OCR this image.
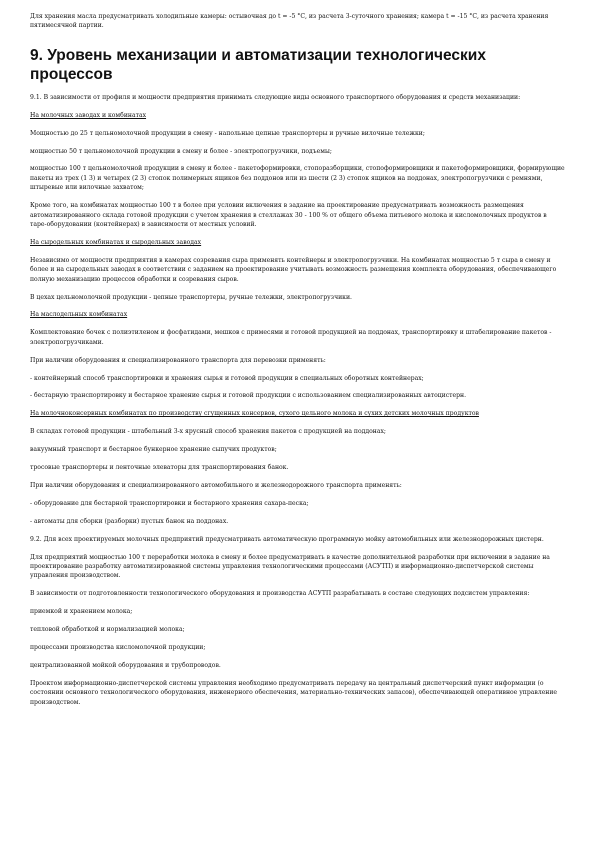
Для хранения масла предусматривать холодильные камеры: остывочная до t = -5 °С, из расчета 3-суточного хранения; камера t = -15 °С, из расчета хранения пятимесячной партии.

9. Уровень механизации и автоматизации технологических процессов

9.1. В зависимости от профиля и мощности предприятия принимать следующие виды основного транспортного оборудования и средств механизации:

На молочных заводах и комбинатах

Мощностью до 25 т цельномолочной продукции в смену - напольные цепные транспортеры и ручные вилочные тележки;

мощностью 50 т цельномолочной продукции в смену и более - электропогрузчики, подъемы;

мощностью 100 т цельномолочной продукции в смену и более - пакетоформировки, стопоразборщики, стопоформировщики и пакетоформировщики, формирующие пакеты из трех (1 3) и четырех (2 3) стопок полимерных ящиков без поддонов или из шести (2 3) стопок ящиков на поддонах, электропогрузчики с ремнями, штыревые или вилочные захватом;

Кроме того, на комбинатах мощностью 100 т в более при условии включения в задание на проектирование предусматривать возможность размещения автоматизированного склада готовой продукции с учетом хранения в стеллажах 30 - 100 % от общего объема питьевого молока и кисломолочных продуктов в таре-оборудовании (контейнерах) в зависимости от местных условий.

На сыродельных комбинатах и сыродельных заводах

Независимо от мощности предприятия в камерах созревания сыра применять контейнеры и электропогрузчики. На комбинатах мощностью 5 т сыра в смену и более и на сыродельных заводах в соответствии с заданием на проектирование учитывать возможность размещения комплекта оборудования, обеспечивающего полную механизацию процессов обработки и созревания сыров.

В цехах цельномолочной продукции - цепные транспортеры, ручные тележки, электропогрузчики.

На маслодельных комбинатах

Комплектование бочек с полиэтиленом и фосфатидами, мешков с примесями и готовой продукцией на поддонах, транспортировку и штабелирование пакетов - электропогрузчиками.

При наличии оборудования и специализированного транспорта для перевозки применять:

- контейнерный способ транспортировки и хранения сырья и готовой продукции в специальных оборотных контейнерах;

- бестарную транспортировку и бестарное хранение сырья и готовой продукции с использованием специализированных автоцистерн.

На молочноконсервных комбинатах по производству сгущенных консервов, сухого цельного молока и сухих детских молочных продуктов

В складах готовой продукции - штабельный 3-х ярусный способ хранения пакетов с продукцией на поддонах;

вакуумный транспорт и бестарное бункерное хранение сыпучих продуктов;

тросовые транспортеры и ленточные элеваторы для транспортирования банок.

При наличии оборудования и специализированного автомобильного и железнодорожного транспорта применять:

- оборудование для бестарной транспортировки и бестарного хранения сахара-песка;

- автоматы для сборки (разборки) пустых банок на поддонах.

9.2. Для всех проектируемых молочных предприятий предусматривать автоматическую программную мойку автомобильных или железнодорожных цистерн.

Для предприятий мощностью 100 т переработки молока в смену и более предусматривать в качестве дополнительной разработки при включении в задание на проектирование разработку автоматизированной системы управления технологическими процессами (АСУТП) и информационно-диспетчерской системы управления производством.

В зависимости от подготовленности технологического оборудования и производства АСУТП разрабатывать в составе следующих подсистем управления:

приемкой и хранением молока;

тепловой обработкой и нормализацией молока;

процессами производства кисломолочной продукции;

централизованной мойкой оборудования и трубопроводов.

Проектом информационно-диспетчерской системы управления необходимо предусматривать передачу на центральный диспетчерский пункт информации (о состоянии основного технологического оборудования, инженерного обеспечения, материально-технических запасов), обеспечивающей оперативное управление производством.
